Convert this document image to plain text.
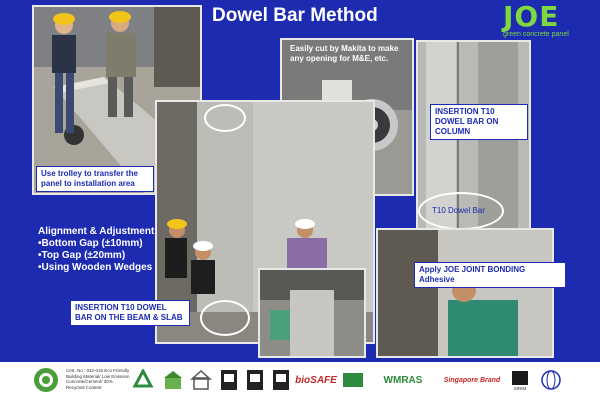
Dowel Bar Method	JOE
green concrete panel
Use trolley to transfer the panel to installation area
Easily cut by Makita to make any opening for M&E, etc.
INSERTION T10 DOWEL BAR ON COLUMN
T10 Dowel Bar
Alignment & Adjustment
•Bottom Gap (±10mm)
•Top Gap (±20mm)
•Using Wooden Wedges
INSERTION T10 DOWEL BAR ON THE BEAM & SLAB
Apply JOE JOINT BONDING Adhesive
Cert. No.: 032-015 Eco Friendly Building Material/ Low Emission Concrete/Cement/ 30% Recycled Content
bioSAFE	WMRAS	Singapore Brand
SIRIM
